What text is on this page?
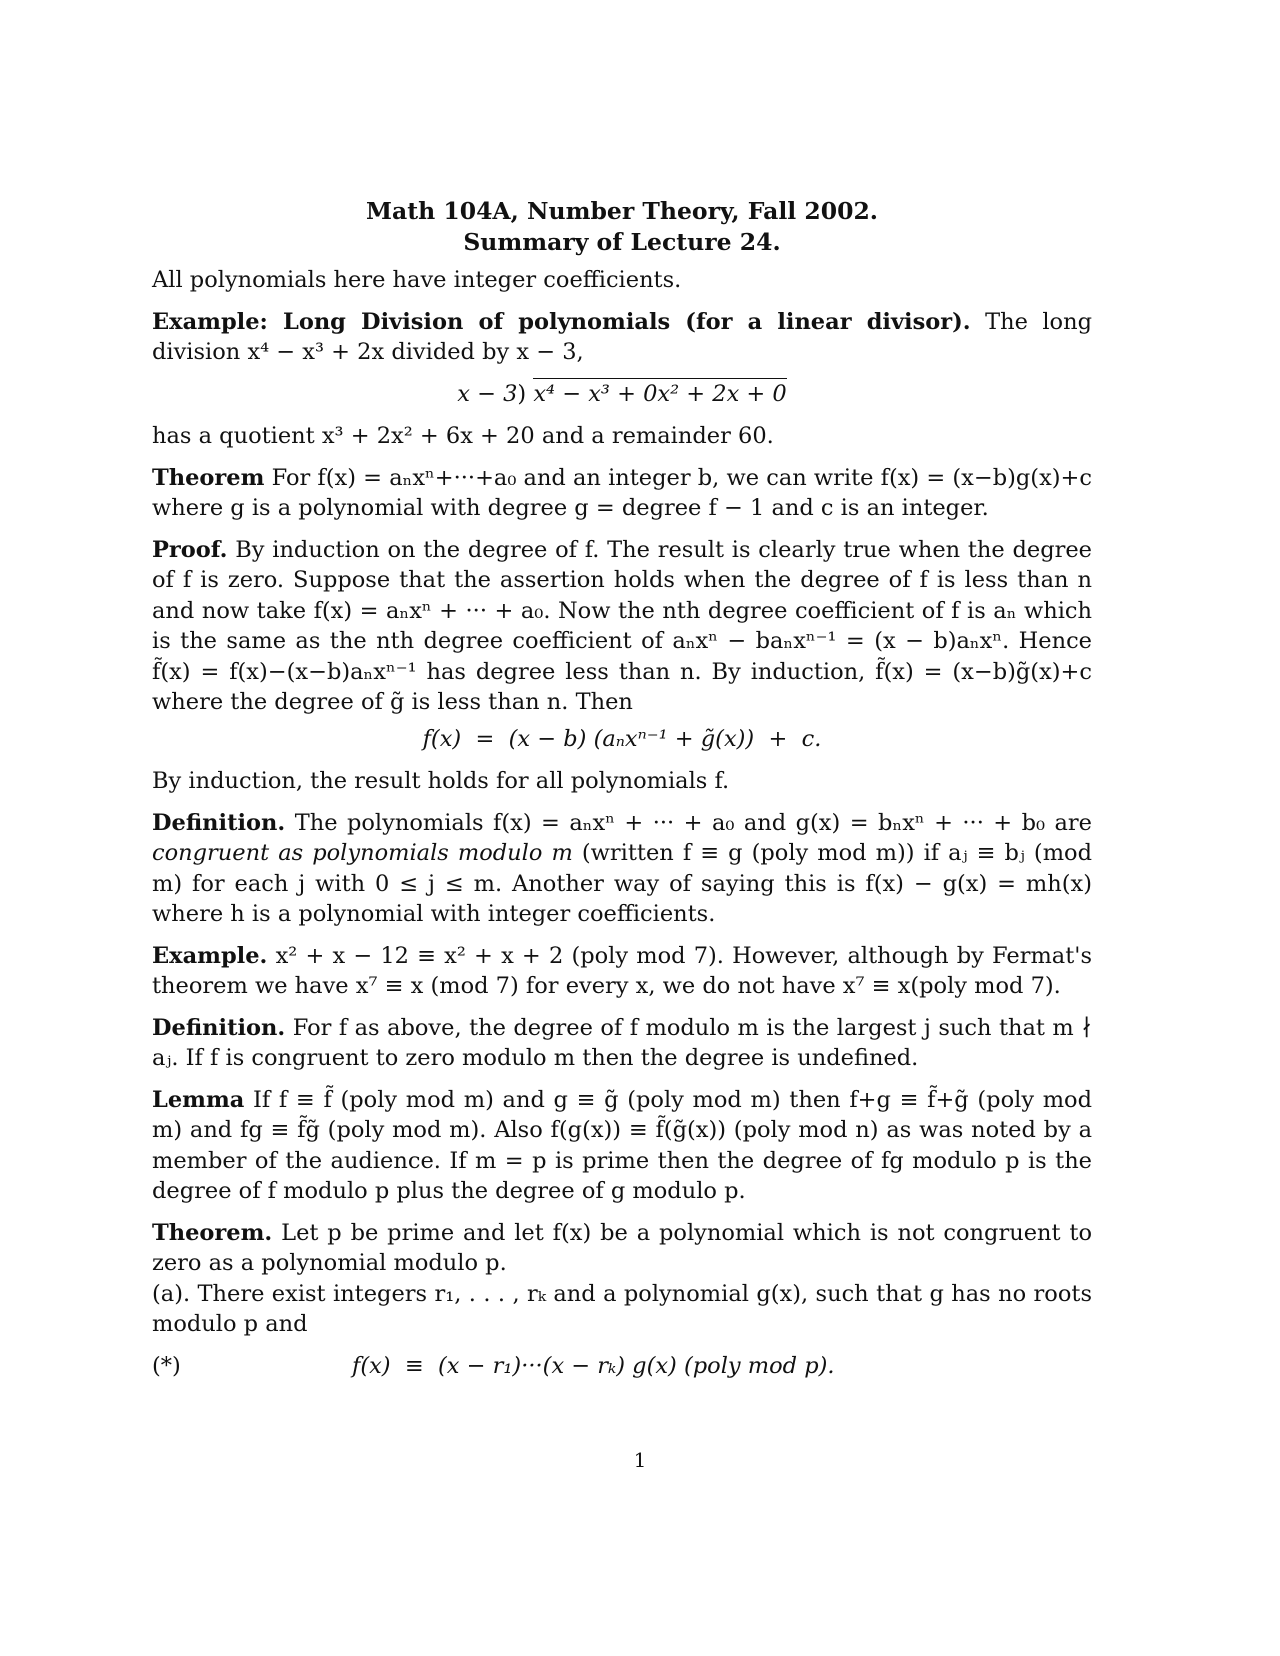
Math 104A, Number Theory, Fall 2002.
Summary of Lecture 24.

All polynomials here have integer coefficients.

Example: Long Division of polynomials (for a linear divisor). The long division x⁴ − x³ + 2x divided by x − 3,

x − 3) x⁴ − x³ + 0x² + 2x + 0

has a quotient x³ + 2x² + 6x + 20 and a remainder 60.

Theorem For f(x) = aₙxⁿ+···+a₀ and an integer b, we can write f(x) = (x−b)g(x)+c where g is a polynomial with degree g = degree f − 1 and c is an integer.

Proof. By induction on the degree of f. The result is clearly true when the degree of f is zero. Suppose that the assertion holds when the degree of f is less than n and now take f(x) = aₙxⁿ + ··· + a₀. Now the nth degree coefficient of f is aₙ which is the same as the nth degree coefficient of aₙxⁿ − baₙxⁿ⁻¹ = (x − b)aₙxⁿ. Hence f̃(x) = f(x)−(x−b)aₙxⁿ⁻¹ has degree less than n. By induction, f̃(x) = (x−b)g̃(x)+c where the degree of g̃ is less than n. Then

f(x)  =  (x − b) (aₙxⁿ⁻¹ + g̃(x))  +  c.

By induction, the result holds for all polynomials f.

Definition. The polynomials f(x) = aₙxⁿ + ··· + a₀ and g(x) = bₙxⁿ + ··· + b₀ are congruent as polynomials modulo m (written f ≡ g (poly mod m)) if aⱼ ≡ bⱼ (mod m) for each j with 0 ≤ j ≤ m. Another way of saying this is f(x) − g(x) = mh(x) where h is a polynomial with integer coefficients.

Example. x² + x − 12 ≡ x² + x + 2 (poly mod 7). However, although by Fermat's theorem we have x⁷ ≡ x (mod 7) for every x, we do not have x⁷ ≡ x(poly mod 7).

Definition. For f as above, the degree of f modulo m is the largest j such that m ∤ aⱼ. If f is congruent to zero modulo m then the degree is undefined.

Lemma If f ≡ f̃ (poly mod m) and g ≡ g̃ (poly mod m) then f+g ≡ f̃+g̃ (poly mod m) and fg ≡ f̃g̃ (poly mod m). Also f(g(x)) ≡ f̃(g̃(x)) (poly mod n) as was noted by a member of the audience. If m = p is prime then the degree of fg modulo p is the degree of f modulo p plus the degree of g modulo p.

Theorem. Let p be prime and let f(x) be a polynomial which is not congruent to zero as a polynomial modulo p.

(a). There exist integers r₁, . . . , rₖ and a polynomial g(x), such that g has no roots modulo p and

(*)	f(x)  ≡  (x − r₁)···(x − rₖ) g(x) (poly mod p).
1
